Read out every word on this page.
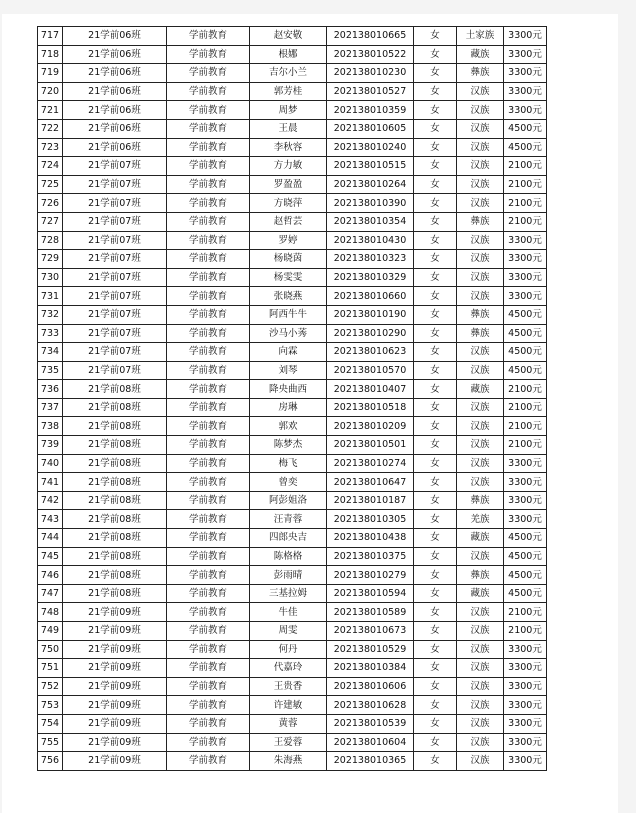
717	21学前06班	学前教育	赵安敬	202138010665	女	土家族	3300元
718	21学前06班	学前教育	根娜	202138010522	女	藏族	3300元
719	21学前06班	学前教育	吉尔小兰	202138010230	女	彝族	3300元
720	21学前06班	学前教育	郭芳桂	202138010527	女	汉族	3300元
721	21学前06班	学前教育	周梦	202138010359	女	汉族	3300元
722	21学前06班	学前教育	王晨	202138010605	女	汉族	4500元
723	21学前06班	学前教育	李秋容	202138010240	女	汉族	4500元
724	21学前07班	学前教育	方力敏	202138010515	女	汉族	2100元
725	21学前07班	学前教育	罗盈盈	202138010264	女	汉族	2100元
726	21学前07班	学前教育	方晓萍	202138010390	女	汉族	2100元
727	21学前07班	学前教育	赵哲芸	202138010354	女	彝族	2100元
728	21学前07班	学前教育	罗婷	202138010430	女	汉族	3300元
729	21学前07班	学前教育	杨晓茵	202138010323	女	汉族	3300元
730	21学前07班	学前教育	杨雯雯	202138010329	女	汉族	3300元
731	21学前07班	学前教育	张晓燕	202138010660	女	汉族	3300元
732	21学前07班	学前教育	阿西牛牛	202138010190	女	彝族	4500元
733	21学前07班	学前教育	沙马小莠	202138010290	女	彝族	4500元
734	21学前07班	学前教育	向霖	202138010623	女	汉族	4500元
735	21学前07班	学前教育	刘琴	202138010570	女	汉族	4500元
736	21学前08班	学前教育	降央曲西	202138010407	女	藏族	2100元
737	21学前08班	学前教育	房琳	202138010518	女	汉族	2100元
738	21学前08班	学前教育	郭欢	202138010209	女	汉族	2100元
739	21学前08班	学前教育	陈梦杰	202138010501	女	汉族	2100元
740	21学前08班	学前教育	梅飞	202138010274	女	汉族	3300元
741	21学前08班	学前教育	曾奕	202138010647	女	汉族	3300元
742	21学前08班	学前教育	阿彭姐洛	202138010187	女	彝族	3300元
743	21学前08班	学前教育	汪青蓉	202138010305	女	羌族	3300元
744	21学前08班	学前教育	四郎央吉	202138010438	女	藏族	4500元
745	21学前08班	学前教育	陈格格	202138010375	女	汉族	4500元
746	21学前08班	学前教育	彭雨晴	202138010279	女	彝族	4500元
747	21学前08班	学前教育	三基拉姆	202138010594	女	藏族	4500元
748	21学前09班	学前教育	牛佳	202138010589	女	汉族	2100元
749	21学前09班	学前教育	周雯	202138010673	女	汉族	2100元
750	21学前09班	学前教育	何丹	202138010529	女	汉族	3300元
751	21学前09班	学前教育	代嘉玲	202138010384	女	汉族	3300元
752	21学前09班	学前教育	王贵香	202138010606	女	汉族	3300元
753	21学前09班	学前教育	许建敏	202138010628	女	汉族	3300元
754	21学前09班	学前教育	黄蓉	202138010539	女	汉族	3300元
755	21学前09班	学前教育	王爱蓉	202138010604	女	汉族	3300元
756	21学前09班	学前教育	朱海燕	202138010365	女	汉族	3300元
